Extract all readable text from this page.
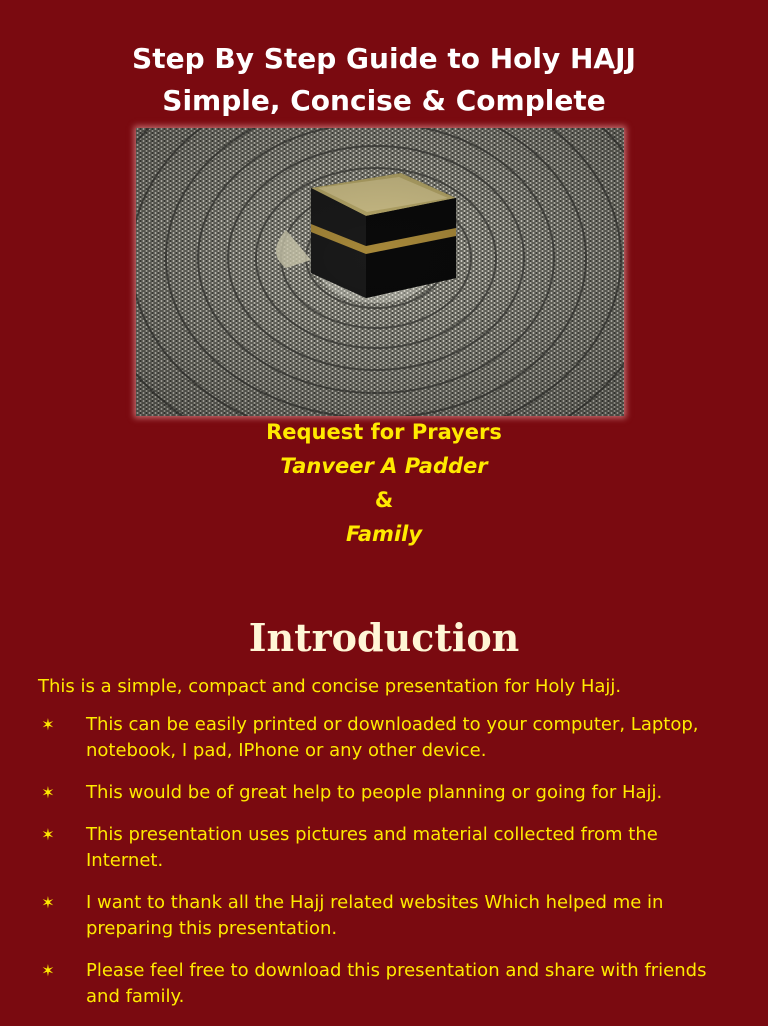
Step By Step Guide to Holy HAJJ
Simple, Concise & Complete
Request for Prayers
Tanveer A Padder
&
Family
Introduction
This is a simple, compact and concise presentation for Holy Hajj.
✶ This can be easily printed or downloaded to your computer, Laptop, notebook, I pad, IPhone or any other device.
✶ This would be of great help to people planning or going for Hajj.
✶ This presentation uses pictures and material collected from the Internet.
✶ I want to thank all the Hajj related websites Which helped me in preparing this presentation.
✶ Please feel free to download this presentation and share with friends and family.
